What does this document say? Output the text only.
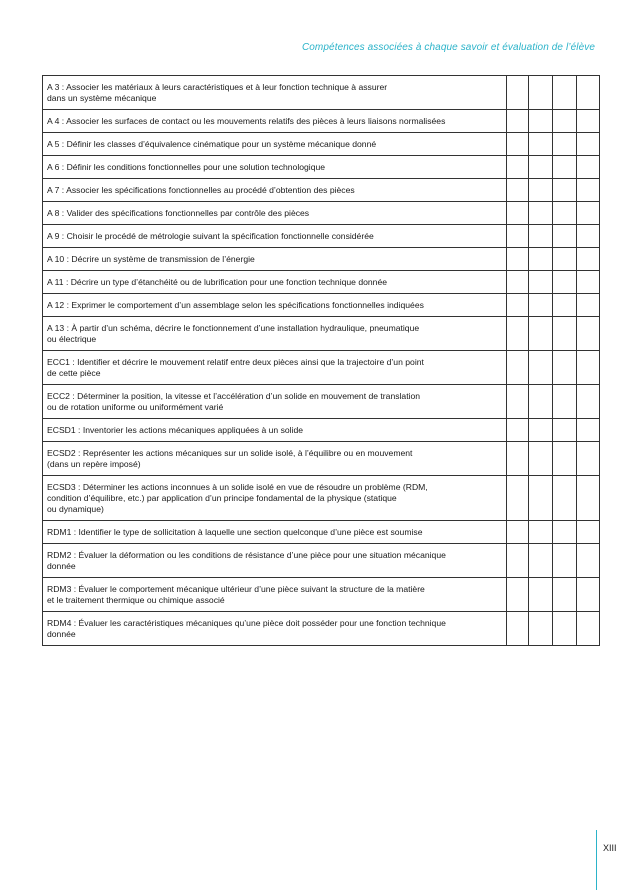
Compétences associées à chaque savoir et évaluation de l’élève
A 3 : Associer les matériaux à leurs caractéristiques et à leur fonction technique à assurer
dans un système mécanique				

A 4 : Associer les surfaces de contact ou les mouvements relatifs des pièces à leurs liaisons normalisées				

A 5 : Définir les classes d’équivalence cinématique pour un système mécanique donné				

A 6 : Définir les conditions fonctionnelles pour une solution technologique				

A 7 : Associer les spécifications fonctionnelles au procédé d’obtention des pièces				

A 8 : Valider des spécifications fonctionnelles par contrôle des pièces				

A 9 : Choisir le procédé de métrologie suivant la spécification fonctionnelle considérée				

A 10 : Décrire un système de transmission de l’énergie				

A 11 : Décrire un type d’étanchéité ou de lubrification pour une fonction technique donnée				

A 12 : Exprimer le comportement d’un assemblage selon les spécifications fonctionnelles indiquées				

A 13 : À partir d’un schéma, décrire le fonctionnement d’une installation hydraulique, pneumatique
ou électrique				

ECC1 : Identifier et décrire le mouvement relatif entre deux pièces ainsi que la trajectoire d’un point
de cette pièce				

ECC2 : Déterminer la position, la vitesse et l’accélération d’un solide en mouvement de translation
ou de rotation uniforme ou uniformément varié				

ECSD1 : Inventorier les actions mécaniques appliquées à un solide				

ECSD2 : Représenter les actions mécaniques sur un solide isolé, à l’équilibre ou en mouvement
(dans un repère imposé)				

ECSD3 : Déterminer les actions inconnues à un solide isolé en vue de résoudre un problème (RDM,
condition d’équilibre, etc.) par application d’un principe fondamental de la physique (statique
ou dynamique)				

RDM1 : Identifier le type de sollicitation à laquelle une section quelconque d’une pièce est soumise				

RDM2 : Évaluer la déformation ou les conditions de résistance d’une pièce pour une situation mécanique
donnée				

RDM3 : Évaluer le comportement mécanique ultérieur d’une pièce suivant la structure de la matière
et le traitement thermique ou chimique associé				

RDM4 : Évaluer les caractéristiques mécaniques qu’une pièce doit posséder pour une fonction technique
donnée				

XIII
